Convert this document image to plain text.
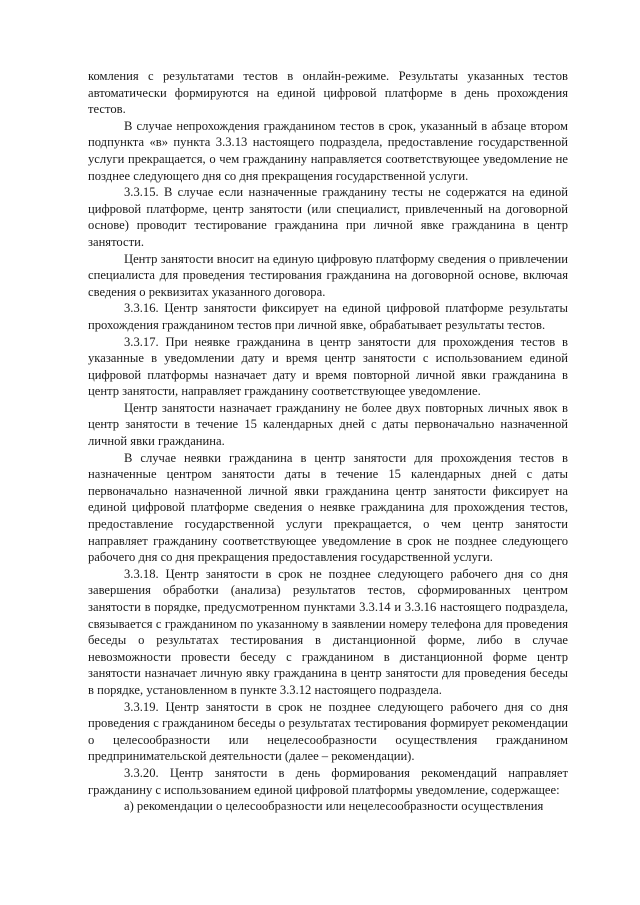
комления с результатами тестов в онлайн-режиме. Результаты указанных тестов автоматически формируются на единой цифровой платформе в день прохождения тестов.

В случае непрохождения гражданином тестов в срок, указанный в абзаце втором подпункта «в» пункта 3.3.13 настоящего подраздела, предоставление государственной услуги прекращается, о чем гражданину направляется соответствующее уведомление не позднее следующего дня со дня прекращения государственной услуги.

3.3.15. В случае если назначенные гражданину тесты не содержатся на единой цифровой платформе, центр занятости (или специалист, привлеченный на договорной основе) проводит тестирование гражданина при личной явке гражданина в центр занятости.

Центр занятости вносит на единую цифровую платформу сведения о привлечении специалиста для проведения тестирования гражданина на договорной основе, включая сведения о реквизитах указанного договора.

3.3.16. Центр занятости фиксирует на единой цифровой платформе результаты прохождения гражданином тестов при личной явке, обрабатывает результаты тестов.

3.3.17. При неявке гражданина в центр занятости для прохождения тестов в указанные в уведомлении дату и время центр занятости с использованием единой цифровой платформы назначает дату и время повторной личной явки гражданина в центр занятости, направляет гражданину соответствующее уведомление.

Центр занятости назначает гражданину не более двух повторных личных явок в центр занятости в течение 15 календарных дней с даты первоначально назначенной личной явки гражданина.

В случае неявки гражданина в центр занятости для прохождения тестов в назначенные центром занятости даты в течение 15 календарных дней с даты первоначально назначенной личной явки гражданина центр занятости фиксирует на единой цифровой платформе сведения о неявке гражданина для прохождения тестов, предоставление государственной услуги прекращается, о чем центр занятости направляет гражданину соответствующее уведомление в срок не позднее следующего рабочего дня со дня прекращения предоставления государственной услуги.

3.3.18. Центр занятости в срок не позднее следующего рабочего дня со дня завершения обработки (анализа) результатов тестов, сформированных центром занятости в порядке, предусмотренном пунктами 3.3.14 и 3.3.16 настоящего подраздела, связывается с гражданином по указанному в заявлении номеру телефона для проведения беседы о результатах тестирования в дистанционной форме, либо в случае невозможности провести беседу с гражданином в дистанционной форме центр занятости назначает личную явку гражданина в центр занятости для проведения беседы в порядке, установленном в пункте 3.3.12 настоящего подраздела.

3.3.19. Центр занятости в срок не позднее следующего рабочего дня со дня проведения с гражданином беседы о результатах тестирования формирует рекомендации о целесообразности или нецелесообразности осуществления гражданином предпринимательской деятельности (далее – рекомендации).

3.3.20. Центр занятости в день формирования рекомендаций направляет гражданину с использованием единой цифровой платформы уведомление, содержащее:

а) рекомендации о целесообразности или нецелесообразности осуществления
